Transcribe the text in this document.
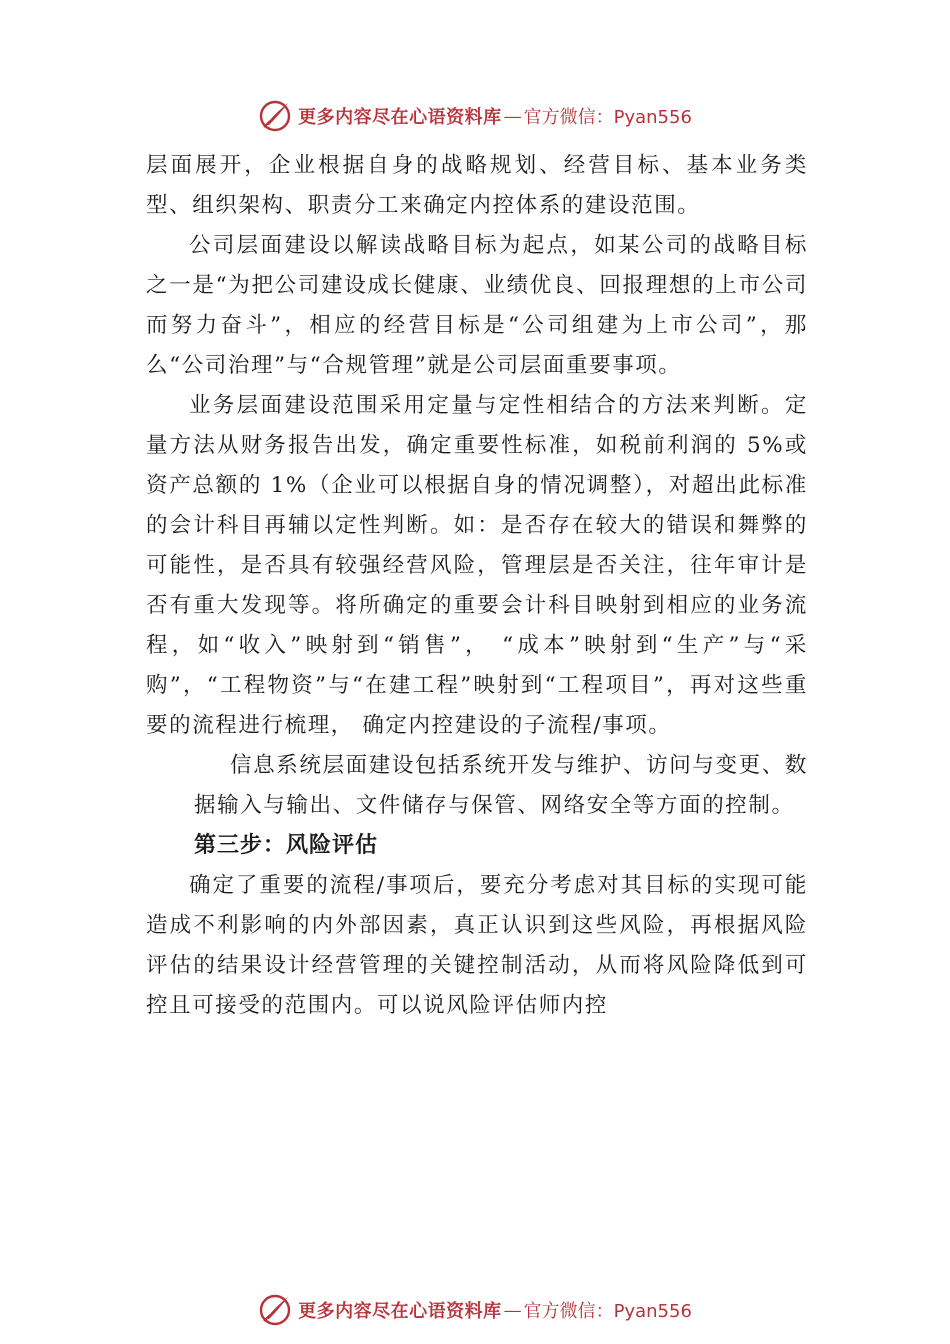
更多内容尽在心语资料库 — 官方微信：Pyan556

层面展开，企业根据自身的战略规划、经营目标、基本业务类型、组织架构、职责分工来确定内控体系的建设范围。

公司层面建设以解读战略目标为起点，如某公司的战略目标之一是“为把公司建设成长健康、业绩优良、回报理想的上市公司而努力奋斗”，相应的经营目标是“公司组建为上市公司”，那么“公司治理”与“合规管理”就是公司层面重要事项。

业务层面建设范围采用定量与定性相结合的方法来判断。定量方法从财务报告出发，确定重要性标准，如税前利润的 5%或资产总额的 1%（企业可以根据自身的情况调整），对超出此标准的会计科目再辅以定性判断。如：是否存在较大的错误和舞弊的可能性，是否具有较强经营风险，管理层是否关注，往年审计是否有重大发现等。将所确定的重要会计科目映射到相应的业务流程，如“收入”映射到“销售”， “成本”映射到“生产”与“采购”，“工程物资”与“在建工程”映射到“工程项目”，再对这些重要的流程进行梳理， 确定内控建设的子流程/事项。

信息系统层面建设包括系统开发与维护、访问与变更、数据输入与输出、文件储存与保管、网络安全等方面的控制。

第三步：风险评估

确定了重要的流程/事项后，要充分考虑对其目标的实现可能造成不利影响的内外部因素，真正认识到这些风险，再根据风险评估的结果设计经营管理的关键控制活动，从而将风险降低到可控且可接受的范围内。可以说风险评估师内控

更多内容尽在心语资料库 — 官方微信：Pyan556
